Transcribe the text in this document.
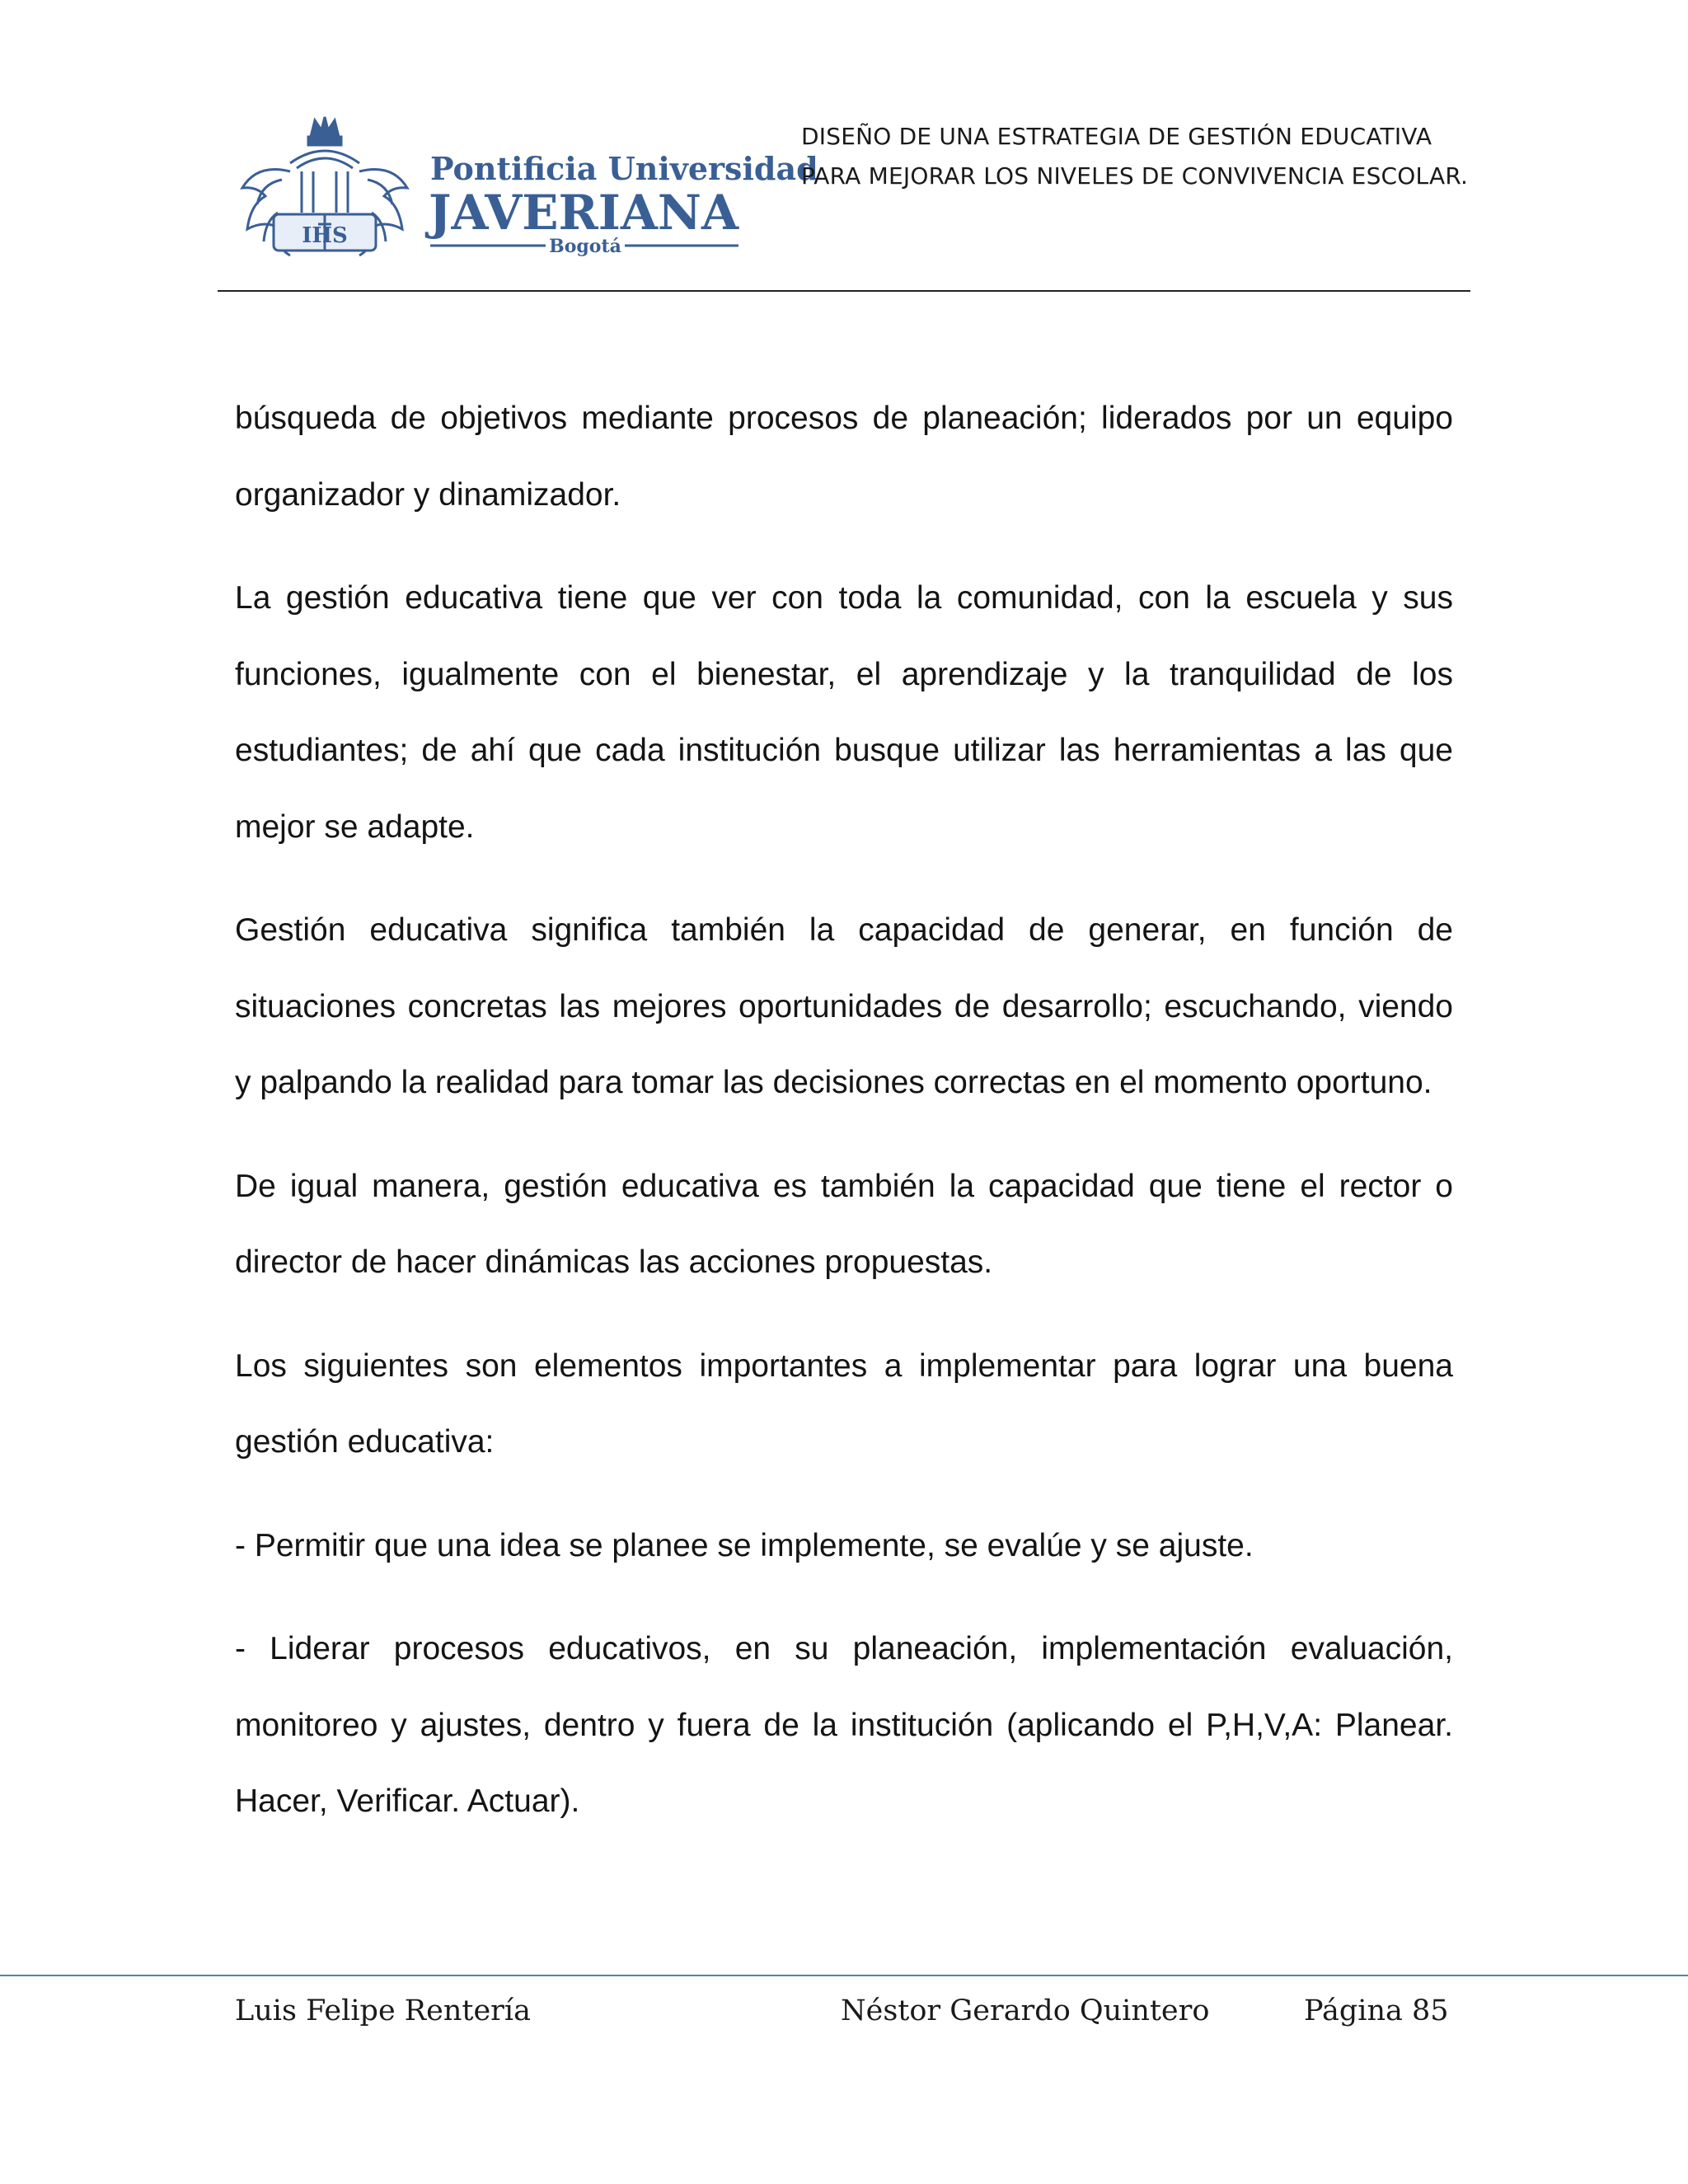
IHS
Pontificia Universidad
JAVERIANA
Bogotá
DISEÑO DE UNA ESTRATEGIA DE GESTIÓN EDUCATIVA
PARA MEJORAR LOS NIVELES DE CONVIVENCIA ESCOLAR.

búsqueda de objetivos mediante procesos de planeación; liderados por un equipo organizador y dinamizador.

La gestión educativa tiene que ver con toda la comunidad, con la escuela y sus funciones, igualmente con el bienestar, el aprendizaje y la tranquilidad de los estudiantes; de ahí que cada institución busque utilizar las herramientas a las que mejor se adapte.

Gestión educativa significa también la capacidad de generar, en función de situaciones concretas las mejores oportunidades de desarrollo; escuchando, viendo y palpando la realidad para tomar las decisiones correctas en el momento oportuno.

De igual manera, gestión educativa es también la capacidad que tiene el rector o director de hacer dinámicas las acciones propuestas.

Los siguientes son elementos importantes a implementar para lograr una buena gestión educativa:

- Permitir que una idea se planee se implemente, se evalúe y se ajuste.

- Liderar procesos educativos, en su planeación, implementación evaluación, monitoreo y ajustes, dentro y fuera de la institución (aplicando el P,H,V,A: Planear. Hacer, Verificar. Actuar).

Luis Felipe Rentería	Néstor Gerardo Quintero	Página 85
